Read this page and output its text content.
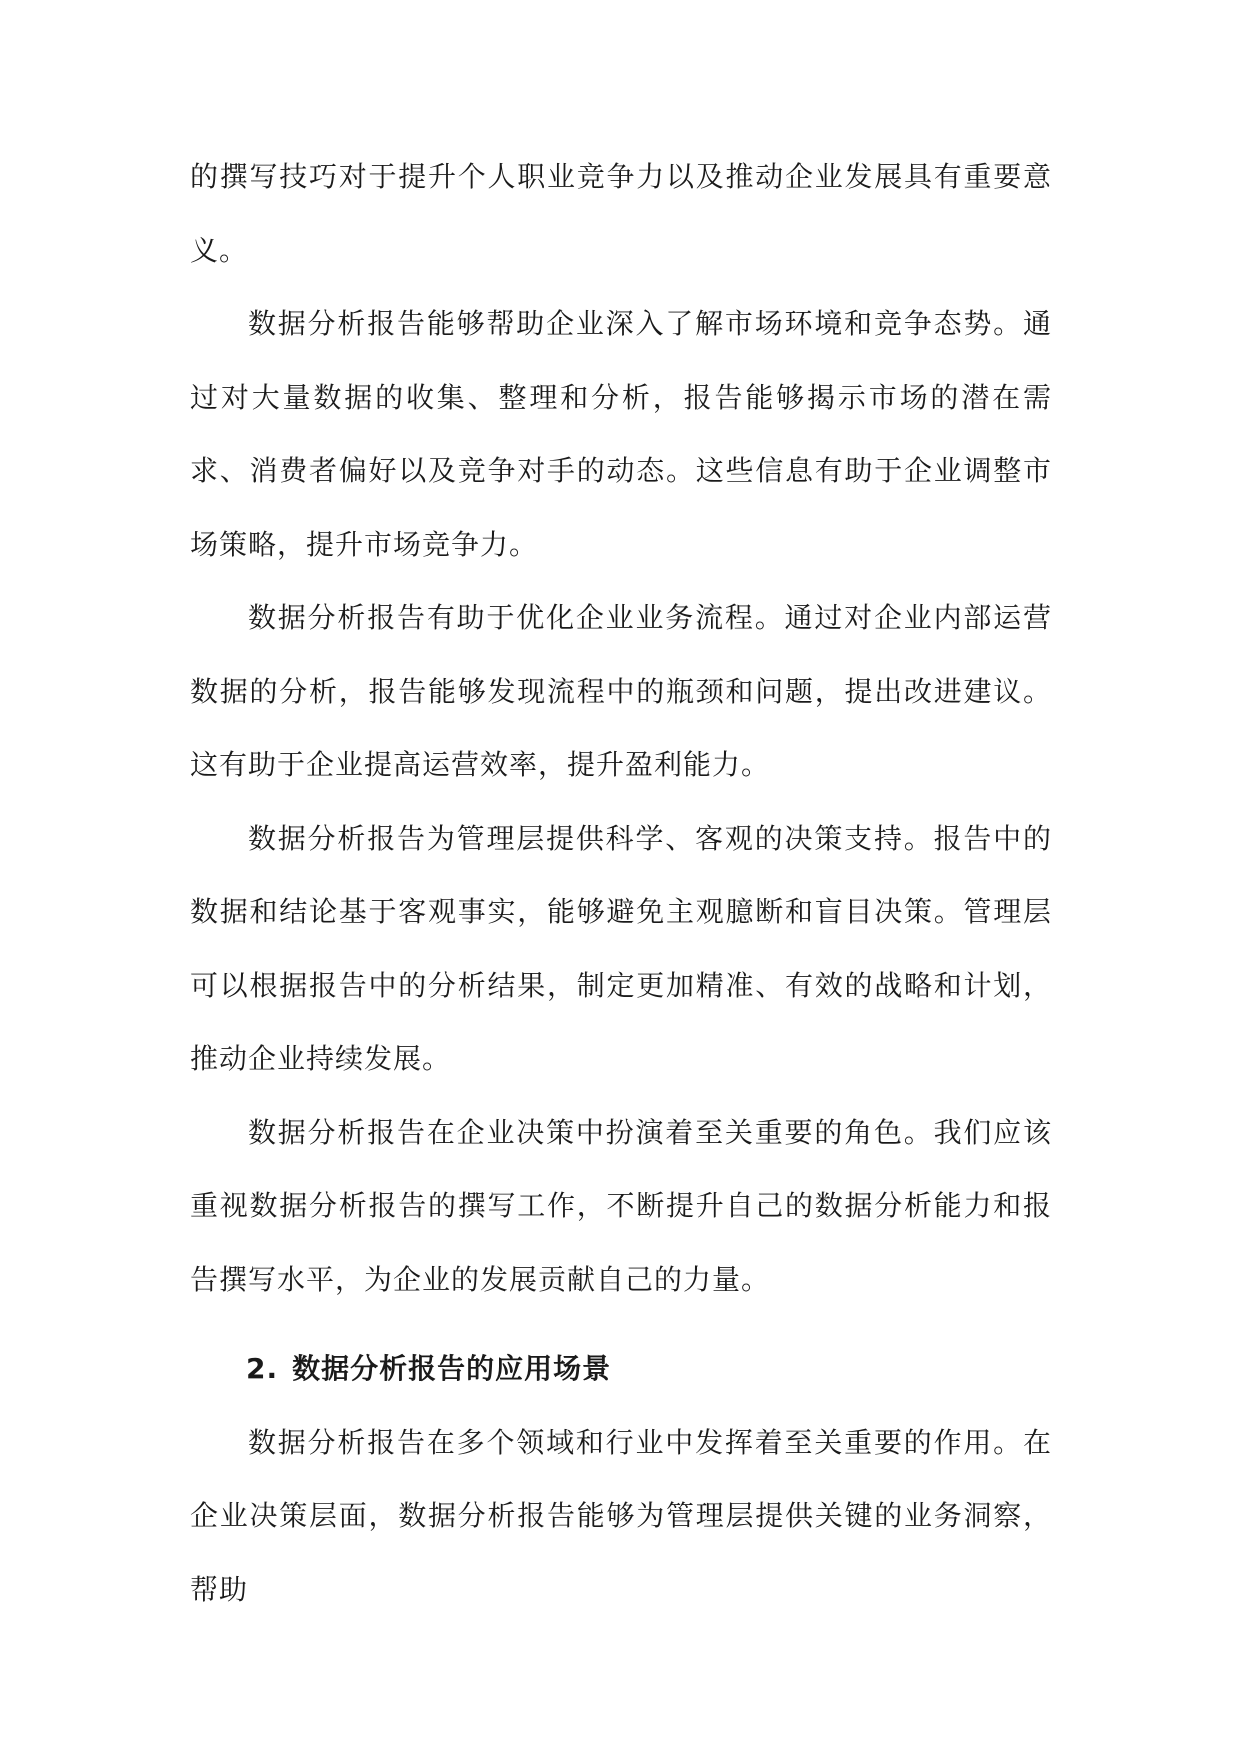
的撰写技巧对于提升个人职业竞争力以及推动企业发展具有重要意义。

数据分析报告能够帮助企业深入了解市场环境和竞争态势。通过对大量数据的收集、整理和分析，报告能够揭示市场的潜在需求、消费者偏好以及竞争对手的动态。这些信息有助于企业调整市场策略，提升市场竞争力。

数据分析报告有助于优化企业业务流程。通过对企业内部运营数据的分析，报告能够发现流程中的瓶颈和问题，提出改进建议。这有助于企业提高运营效率，提升盈利能力。

数据分析报告为管理层提供科学、客观的决策支持。报告中的数据和结论基于客观事实，能够避免主观臆断和盲目决策。管理层可以根据报告中的分析结果，制定更加精准、有效的战略和计划，推动企业持续发展。

数据分析报告在企业决策中扮演着至关重要的角色。我们应该重视数据分析报告的撰写工作，不断提升自己的数据分析能力和报告撰写水平，为企业的发展贡献自己的力量。

2. 数据分析报告的应用场景

数据分析报告在多个领域和行业中发挥着至关重要的作用。在企业决策层面，数据分析报告能够为管理层提供关键的业务洞察，帮助
